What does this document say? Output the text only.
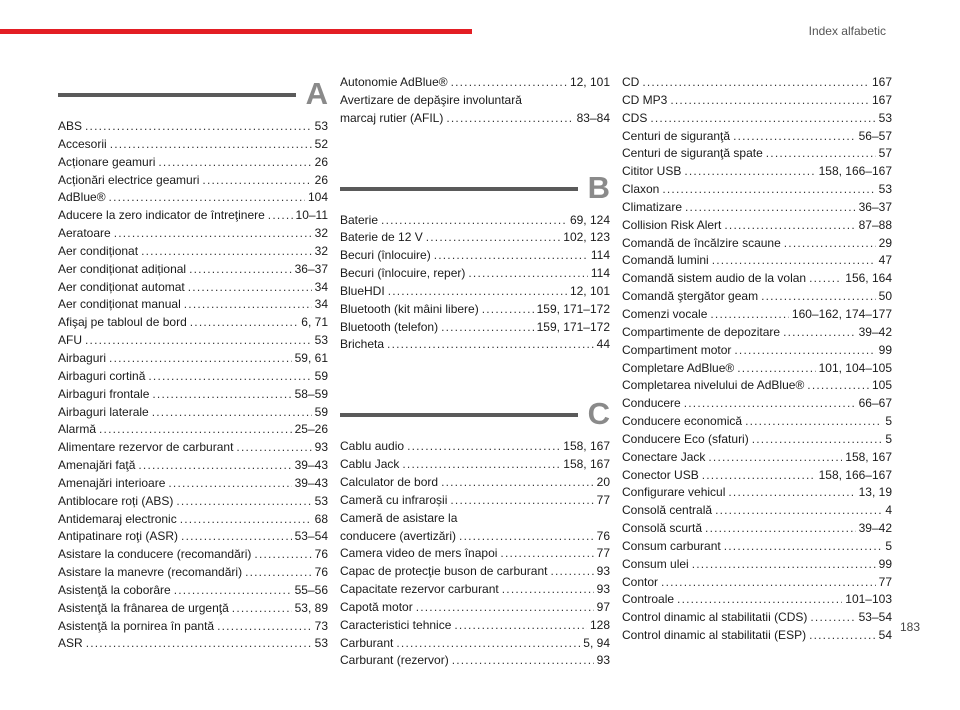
Index alfabetic
A
ABS .....	53
Accesorii .....	52
Acționare geamuri .....	26
Acționări electrice geamuri .....	26
AdBlue® .....	104
Aducere la zero indicator de întreţinere .....	10–11
Aeratoare .....	32
Aer condiționat .....	32
Aer condiționat adițional .....	36–37
Aer condiționat automat .....	34
Aer condiționat manual .....	34
Afişaj pe tabloul de bord .....	6, 71
AFU .....	53
Airbaguri .....	59, 61
Airbaguri cortină .....	59
Airbaguri frontale .....	58–59
Airbaguri laterale .....	59
Alarmă .....	25–26
Alimentare rezervor de carburant .....	93
Amenajări faţă .....	39–43
Amenajări interioare .....	39–43
Antiblocare roți (ABS) .....	53
Antidemaraj electronic .....	68
Antipatinare roţi (ASR) .....	53–54
Asistare la conducere (recomandări) .....	76
Asistare la manevre (recomandări) .....	76
Asistenţă la coborâre .....	55–56
Asistenţă la frânarea de urgenţă .....	53, 89
Asistenţă la pornirea în pantă .....	73
ASR .....	53
Autonomie AdBlue® .....	12, 101
Avertizare de depăşire involuntară
marcaj rutier (AFIL) .....	83–84
B
Baterie .....	69, 124
Baterie de 12 V .....	102, 123
Becuri (înlocuire) .....	114
Becuri (înlocuire, reper) .....	114
BlueHDI .....	12, 101
Bluetooth (kit mâini libere) .....	159, 171–172
Bluetooth (telefon) .....	159, 171–172
Bricheta .....	44
C
Cablu audio .....	158, 167
Cablu Jack .....	158, 167
Calculator de bord .....	20
Cameră cu infraroșii .....	77
Cameră de asistare la
conducere (avertizări) .....	76
Camera video de mers înapoi .....	77
Capac de protecţie buson de carburant .....	93
Capacitate rezervor carburant .....	93
Capotă motor .....	97
Caracteristici tehnice .....	128
Carburant .....	5, 94
Carburant (rezervor) .....	93
CD .....	167
CD MP3 .....	167
CDS .....	53
Centuri de siguranţă .....	56–57
Centuri de siguranţă spate .....	57
Cititor USB .....	158, 166–167
Claxon .....	53
Climatizare .....	36–37
Collision Risk Alert .....	87–88
Comandă de încălzire scaune .....	29
Comandă lumini .....	47
Comandă sistem audio de la volan .....	156, 164
Comandă ştergător geam .....	50
Comenzi vocale .....	160–162, 174–177
Compartimente de depozitare .....	39–42
Compartiment motor .....	99
Completare AdBlue® .....	101, 104–105
Completarea nivelului de AdBlue® .....	105
Conducere .....	66–67
Conducere economică .....	5
Conducere Eco (sfaturi) .....	5
Conectare Jack .....	158, 167
Conector USB .....	158, 166–167
Configurare vehicul .....	13, 19
Consolă centrală .....	4
Consolă scurtă .....	39–42
Consum carburant .....	5
Consum ulei .....	99
Contor .....	77
Controale .....	101–103
Control dinamic al stabilitatii (CDS) .....	53–54
Control dinamic al stabilitatii (ESP) .....	54
183
